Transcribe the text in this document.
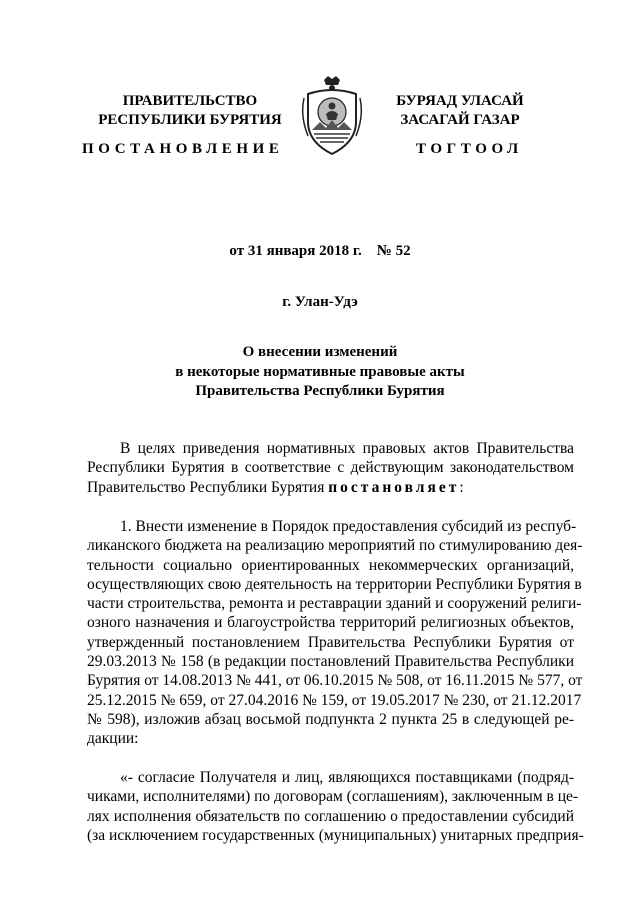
ПРАВИТЕЛЬСТВО
РЕСПУБЛИКИ БУРЯТИЯ
БУРЯАД УЛАСАЙ
ЗАСАГАЙ ГАЗАР
ПОСТАНОВЛЕНИЕ	ТОГТООЛ
от 31 января 2018 г.    № 52
г. Улан-Удэ
О внесении изменений
в некоторые нормативные правовые акты
Правительства Республики Бурятия
В целях приведения нормативных правовых актов Правительства
Республики Бурятия в соответствие с действующим законодательством
Правительство Республики Бурятия постановляет:
1. Внести изменение в Порядок предоставления субсидий из респуб-
ликанского бюджета на реализацию мероприятий по стимулированию дея-
тельности социально ориентированных некоммерческих организаций,
осуществляющих свою деятельность на территории Республики Бурятия в
части строительства, ремонта и реставрации зданий и сооружений религи-
озного назначения и благоустройства территорий религиозных объектов,
утвержденный постановлением Правительства Республики Бурятия от
29.03.2013 № 158 (в редакции постановлений Правительства Республики
Бурятия от 14.08.2013 № 441, от 06.10.2015 № 508, от 16.11.2015 № 577, от
25.12.2015 № 659, от 27.04.2016 № 159, от 19.05.2017 № 230, от 21.12.2017
№ 598), изложив абзац восьмой подпункта 2 пункта 25 в следующей ре-
дакции:
«- согласие Получателя и лиц, являющихся поставщиками (подряд-
чиками, исполнителями) по договорам (соглашениям), заключенным в це-
лях исполнения обязательств по соглашению о предоставлении субсидий
(за исключением государственных (муниципальных) унитарных предприя-
